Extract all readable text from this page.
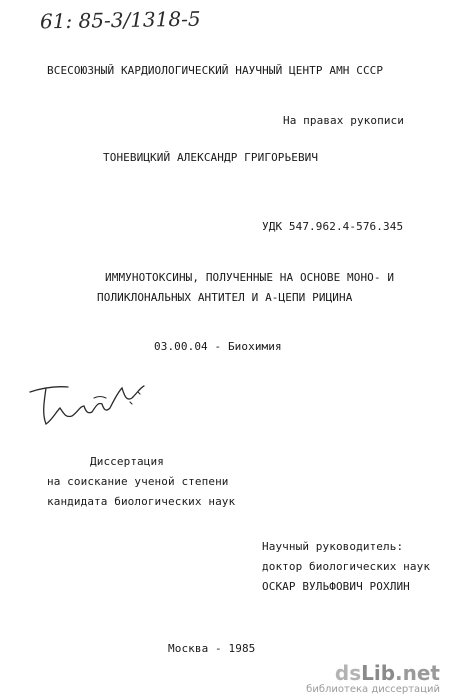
61: 85-3/1318-5
ВСЕСОЮЗНЫЙ КАРДИОЛОГИЧЕСКИЙ НАУЧНЫЙ ЦЕНТР АМН СССР
На правах рукописи
ТОНЕВИЦКИЙ АЛЕКСАНДР ГРИГОРЬЕВИЧ
УДК 547.962.4-576.345
ИММУНОТОКСИНЫ, ПОЛУЧЕННЫЕ НА ОСНОВЕ МОНО- И
ПОЛИКЛОНАЛЬНЫХ АНТИТЕЛ И А-ЦЕПИ РИЦИНА
03.00.04 - Биохимия
Диссертация
на соискание ученой степени
кандидата биологических наук
Научный руководитель:
доктор биологических наук
ОСКАР ВУЛЬФОВИЧ РОХЛИН
Москва - 1985
dsLib.net
библиотека диссертаций
